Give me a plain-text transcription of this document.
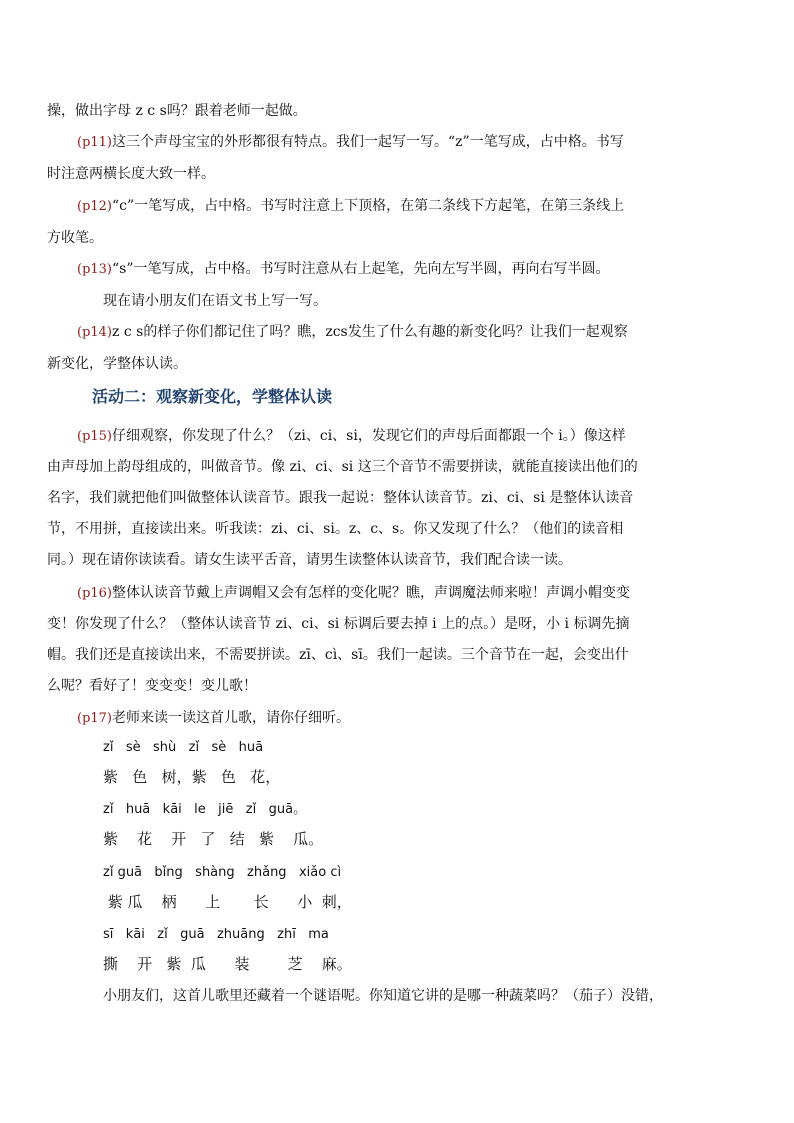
操，做出字母 z c s吗？跟着老师一起做。
(p11)这三个声母宝宝的外形都很有特点。我们一起写一写。“z”一笔写成，占中格。书写
时注意两横长度大致一样。
(p12)“c”一笔写成，占中格。书写时注意上下顶格，在第二条线下方起笔，在第三条线上
方收笔。
(p13)“s”一笔写成，占中格。书写时注意从右上起笔，先向左写半圆，再向右写半圆。
现在请小朋友们在语文书上写一写。
(p14)z c s的样子你们都记住了吗？瞧，zcs发生了什么有趣的新变化吗？让我们一起观察
新变化，学整体认读。
活动二：观察新变化，学整体认读
(p15)仔细观察，你发现了什么？（zi、ci、si，发现它们的声母后面都跟一个 i。）像这样
由声母加上韵母组成的，叫做音节。像 zi、ci、si 这三个音节不需要拼读，就能直接读出他们的
名字，我们就把他们叫做整体认读音节。跟我一起说：整体认读音节。zi、ci、si 是整体认读音
节，不用拼，直接读出来。听我读：zi、ci、si。z、c、s。你又发现了什么？（他们的读音相
同。）现在请你读读看。请女生读平舌音，请男生读整体认读音节，我们配合读一读。
(p16)整体认读音节戴上声调帽又会有怎样的变化呢？瞧，声调魔法师来啦！声调小帽变变
变！你发现了什么？（整体认读音节 zi、ci、si 标调后要去掉 i 上的点。）是呀，小 i 标调先摘
帽。我们还是直接读出来，不需要拼读。zī、cì、sī。我们一起读。三个音节在一起，会变出什
么呢？看好了！变变变！变儿歌！
(p17)老师来读一读这首儿歌，请你仔细听。
zǐ   sè   shù   zǐ   sè   huā
紫   色   树，紫   色   花，
zǐ   huā   kāi   le   jiē   zǐ   guā。
紫    花    开   了   结   紫    瓜。
zǐ guā   bǐng   shàng   zhǎng   xiǎo cì
紫 瓜    柄      上       长      小  刺，
sī   kāi   zǐ   guā   zhuāng   zhī   ma
撕    开   紫  瓜      装        芝    麻。
小朋友们，这首儿歌里还藏着一个谜语呢。你知道它讲的是哪一种蔬菜吗？（茄子）没错，
